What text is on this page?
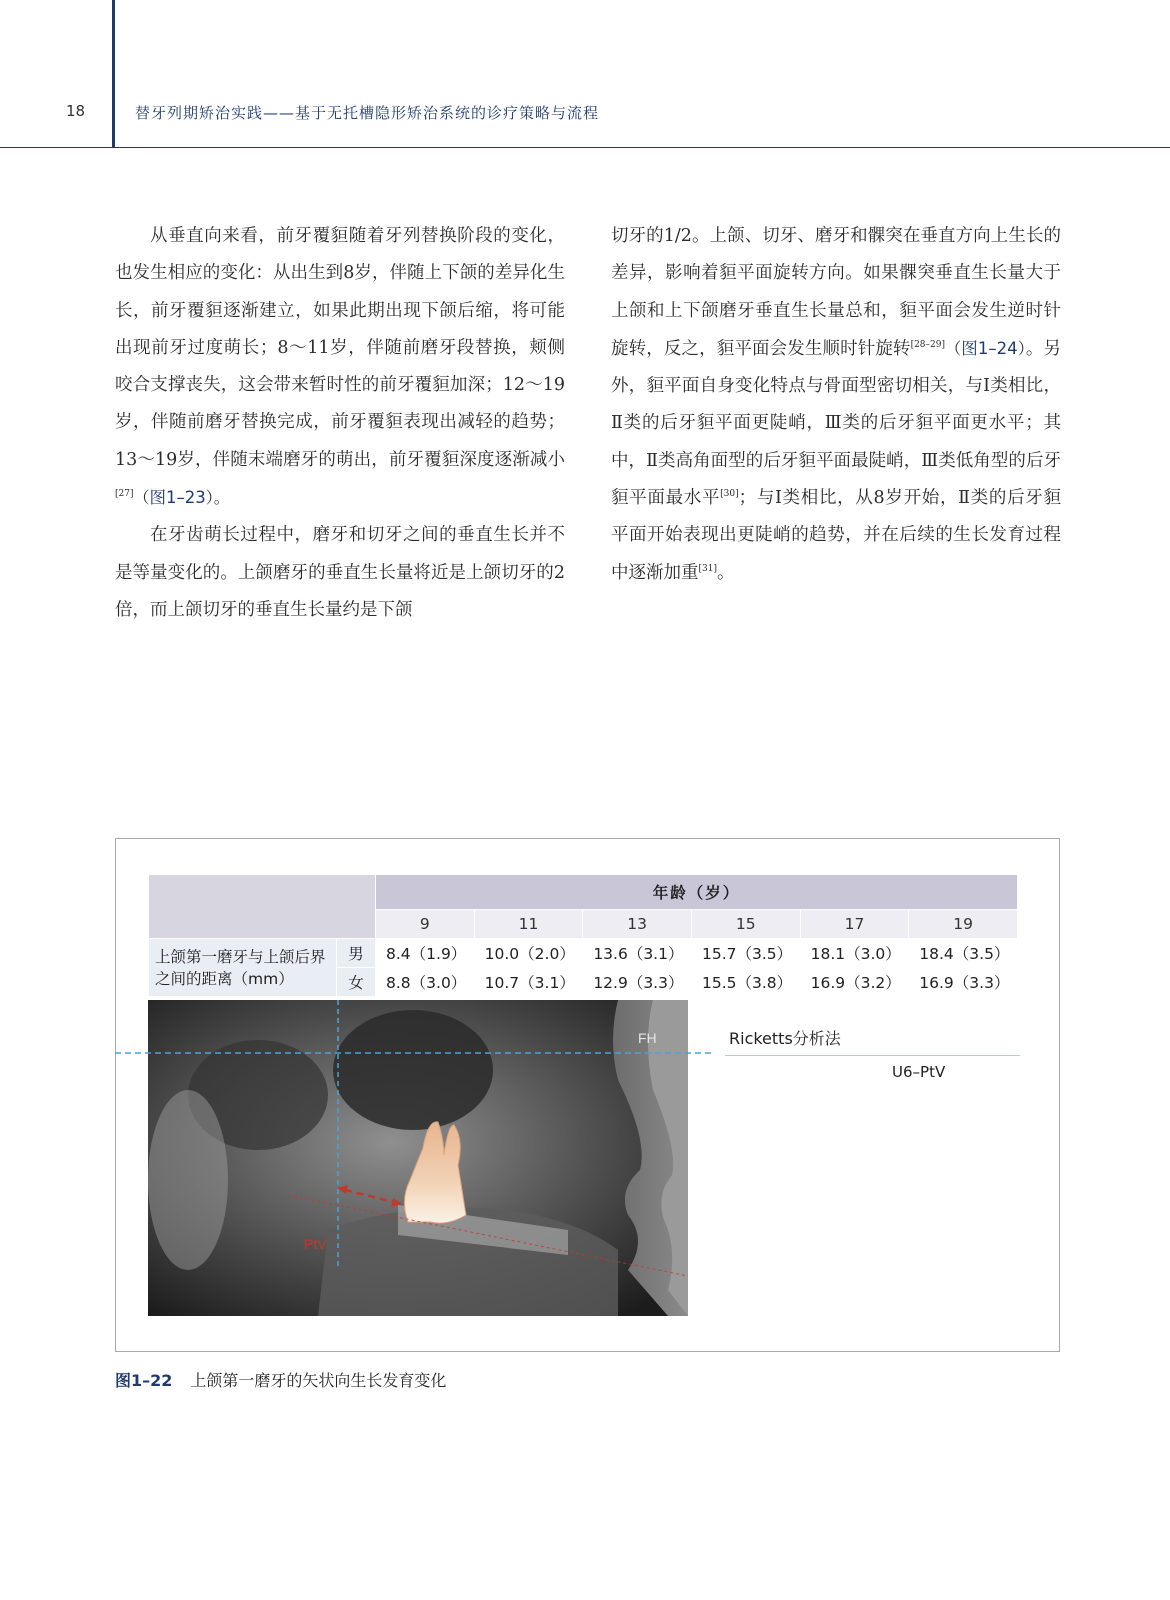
18	替牙列期矫治实践——基于无托槽隐形矫治系统的诊疗策略与流程

从垂直向来看，前牙覆貆随着牙列替换阶段的变化，也发生相应的变化：从出生到8岁，伴随上下颌的差异化生长，前牙覆貆逐渐建立，如果此期出现下颌后缩，将可能出现前牙过度萌长；8～11岁，伴随前磨牙段替换，颊侧咬合支撑丧失，这会带来暂时性的前牙覆貆加深；12～19岁，伴随前磨牙替换完成，前牙覆貆表现出减轻的趋势；13～19岁，伴随末端磨牙的萌出，前牙覆貆深度逐渐减小[27]（图1–23）。

在牙齿萌长过程中，磨牙和切牙之间的垂直生长并不是等量变化的。上颌磨牙的垂直生长量将近是上颌切牙的2倍，而上颌切牙的垂直生长量约是下颌

切牙的1/2。上颌、切牙、磨牙和髁突在垂直方向上生长的差异，影响着貆平面旋转方向。如果髁突垂直生长量大于上颌和上下颌磨牙垂直生长量总和，貆平面会发生逆时针旋转，反之，貆平面会发生顺时针旋转[28–29]（图1–24）。另外，貆平面自身变化特点与骨面型密切相关，与Ⅰ类相比，Ⅱ类的后牙貆平面更陡峭，Ⅲ类的后牙貆平面更水平；其中，Ⅱ类高角面型的后牙貆平面最陡峭，Ⅲ类低角型的后牙貆平面最水平[30]；与Ⅰ类相比，从8岁开始，Ⅱ类的后牙貆平面开始表现出更陡峭的趋势，并在后续的生长发育过程中逐渐加重[31]。

		年龄（岁）					
		9	11	13	15	17	19
上颌第一磨牙与上颌后界之间的距离（mm）	男	8.4（1.9）	10.0（2.0）	13.6（3.1）	15.7（3.5）	18.1（3.0）	18.4（3.5）
	女	8.8（3.0）	10.7（3.1）	12.9（3.3）	15.5（3.8）	16.9（3.2）	16.9（3.3）
PtV
FH	Ricketts分析法
U6–PtV
图1–22 上颌第一磨牙的矢状向生长发育变化
